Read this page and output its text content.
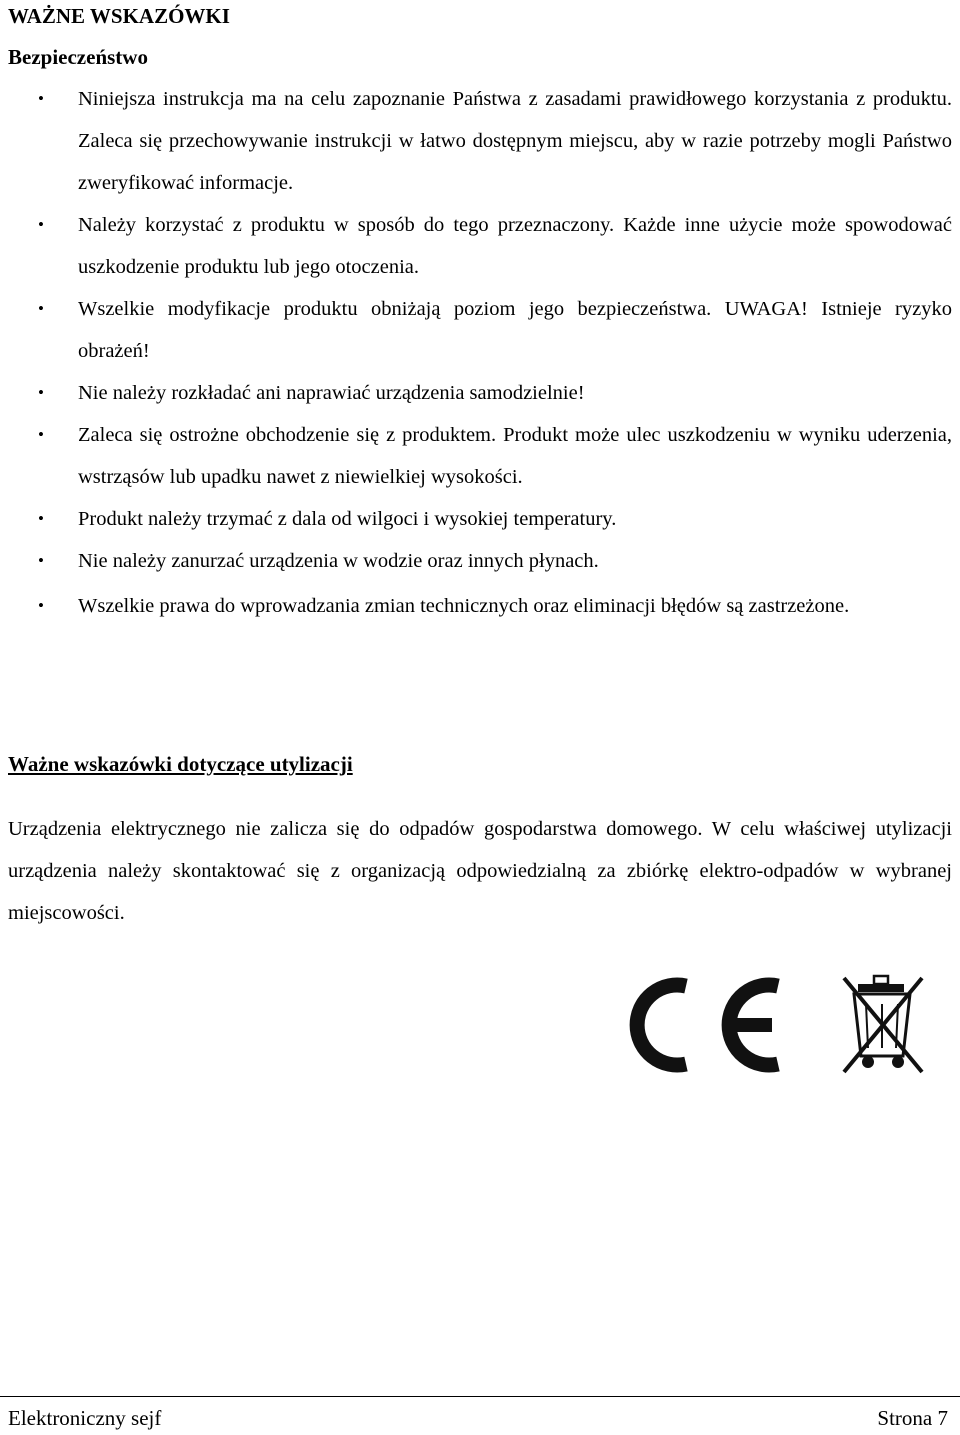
WAŻNE WSKAZÓWKI
Bezpieczeństwo
• Niniejsza instrukcja ma na celu zapoznanie Państwa z zasadami prawidłowego korzystania z produktu. Zaleca się przechowywanie instrukcji w łatwo dostępnym miejscu, aby w razie potrzeby mogli Państwo zweryfikować informacje.
• Należy korzystać z produktu w sposób do tego przeznaczony. Każde inne użycie może spowodować uszkodzenie produktu lub jego otoczenia.
• Wszelkie modyfikacje produktu obniżają poziom jego bezpieczeństwa. UWAGA! Istnieje ryzyko obrażeń!
• Nie należy rozkładać ani naprawiać urządzenia samodzielnie!
• Zaleca się ostrożne obchodzenie się z produktem. Produkt może ulec uszkodzeniu w wyniku uderzenia, wstrząsów lub upadku nawet z niewielkiej wysokości.
• Produkt należy trzymać z dala od wilgoci i wysokiej temperatury.
• Nie należy zanurzać urządzenia w wodzie oraz innych płynach.
• Wszelkie prawa do wprowadzania zmian technicznych oraz eliminacji błędów są zastrzeżone.
Ważne wskazówki dotyczące utylizacji

Urządzenia elektrycznego nie zalicza się do odpadów gospodarstwa domowego. W celu właściwej utylizacji urządzenia należy skontaktować się z organizacją odpowiedzialną za zbiórkę elektro-odpadów w wybranej miejscowości.

Elektroniczny sejf	Strona 7
